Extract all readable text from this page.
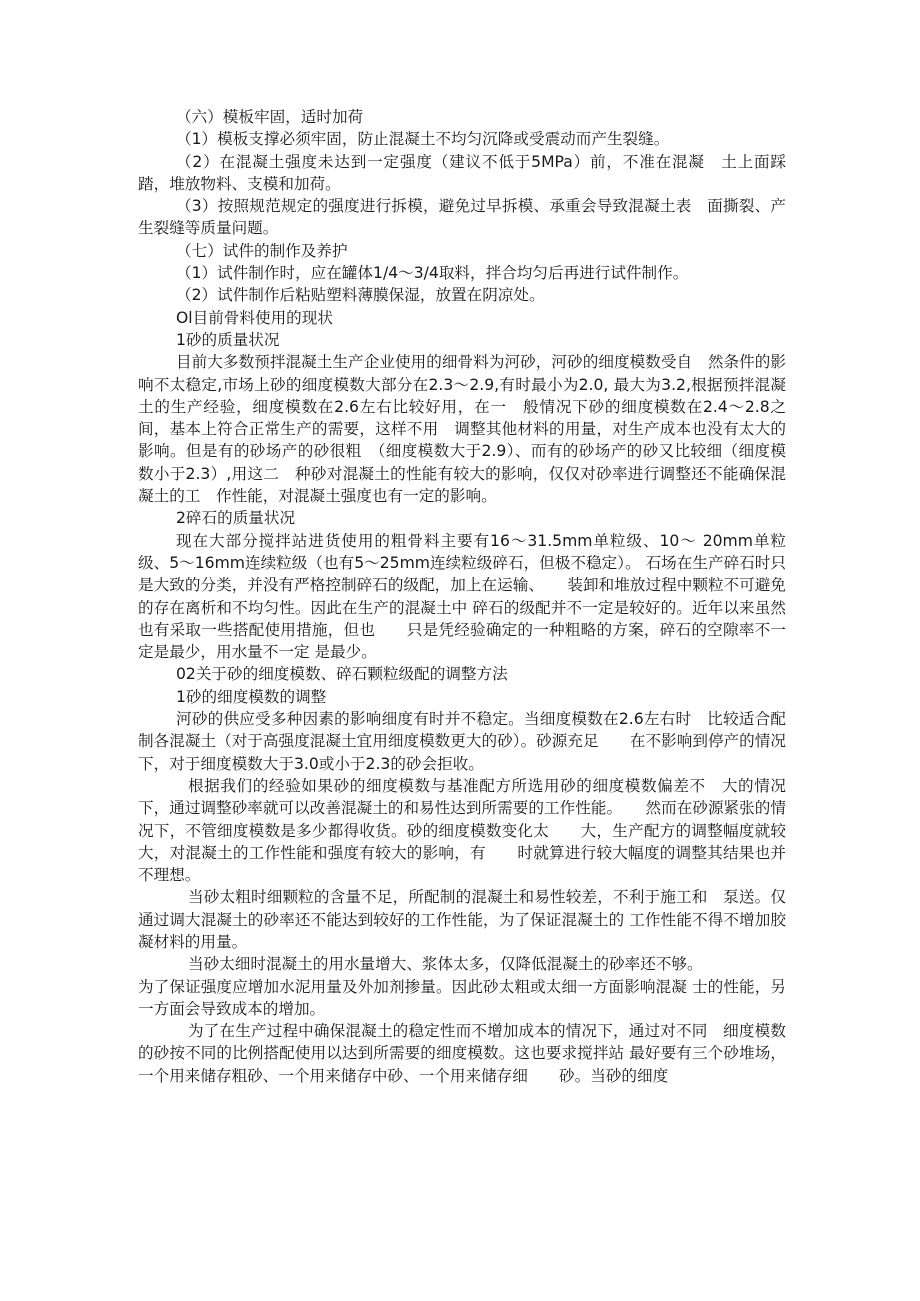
（六）模板牢固，适时加荷

（1）模板支撑必须牢固，防止混凝土不均匀沉降或受震动而产生裂缝。

（2）在混凝土强度未达到一定强度（建议不低于5MPa）前，不准在混凝　土上面踩踏，堆放物料、支模和加荷。

（3）按照规范规定的强度进行拆模，避免过早拆模、承重会导致混凝土表　面撕裂、产生裂缝等质量问题。

（七）试件的制作及养护

（1）试件制作时，应在罐体1/4～3/4取料，拌合均匀后再进行试件制作。

（2）试件制作后粘贴塑料薄膜保湿，放置在阴凉处。

Ol目前骨料使用的现状

1砂的质量状况

目前大多数预拌混凝土生产企业使用的细骨料为河砂，河砂的细度模数受自　然条件的影响不太稳定,市场上砂的细度模数大部分在2.3～2.9,有时最小为2.0, 最大为3.2,根据预拌混凝土的生产经验，细度模数在2.6左右比较好用，在一　般情况下砂的细度模数在2.4～2.8之间，基本上符合正常生产的需要，这样不用　调整其他材料的用量，对生产成本也没有太大的影响。但是有的砂场产的砂很粗　（细度模数大于2.9）、而有的砂场产的砂又比较细（细度模数小于2.3）,用这二　种砂对混凝土的性能有较大的影响，仅仅对砂率进行调整还不能确保混凝土的工　作性能，对混凝土强度也有一定的影响。

2碎石的质量状况

现在大部分搅拌站进货使用的粗骨料主要有16～31.5mm单粒级、10～ 20mm单粒级、5～16mm连续粒级（也有5～25mm连续粒级碎石，但极不稳定）。 石场在生产碎石时只是大致的分类，并没有严格控制碎石的级配，加上在运输、　　装卸和堆放过程中颗粒不可避免的存在离析和不均匀性。因此在生产的混凝土中 碎石的级配并不一定是较好的。近年以来虽然也有采取一些搭配使用措施，但也　　只是凭经验确定的一种粗略的方案，碎石的空隙率不一定是最少，用水量不一定 是最少。

02关于砂的细度模数、碎石颗粒级配的调整方法

1砂的细度模数的调整

河砂的供应受多种因素的影响细度有时并不稳定。当细度模数在2.6左右时　比较适合配制各混凝土（对于高强度混凝土宜用细度模数更大的砂）。砂源充足　　在不影响到停产的情况下，对于细度模数大于3.0或小于2.3的砂会拒收。

根据我们的经验如果砂的细度模数与基准配方所选用砂的细度模数偏差不　大的情况下，通过调整砂率就可以改善混凝土的和易性达到所需要的工作性能。　　然而在砂源紧张的情况下，不管细度模数是多少都得收货。砂的细度模数变化太　　大，生产配方的调整幅度就较大，对混凝土的工作性能和强度有较大的影响，有　　时就算进行较大幅度的调整其结果也并不理想。

当砂太粗时细颗粒的含量不足，所配制的混凝土和易性较差，不利于施工和　泵送。仅通过调大混凝土的砂率还不能达到较好的工作性能，为了保证混凝土的 工作性能不得不增加胶凝材料的用量。

当砂太细时混凝土的用水量增大、浆体太多，仅降低混凝土的砂率还不够。

为了保证强度应增加水泥用量及外加剂掺量。因此砂太粗或太细一方面影响混凝 士的性能，另一方面会导致成本的增加。

为了在生产过程中确保混凝土的稳定性而不增加成本的情况下，通过对不同　细度模数的砂按不同的比例搭配使用以达到所需要的细度模数。这也要求搅拌站 最好要有三个砂堆场，一个用来储存粗砂、一个用来储存中砂、一个用来储存细　　砂。当砂的细度
